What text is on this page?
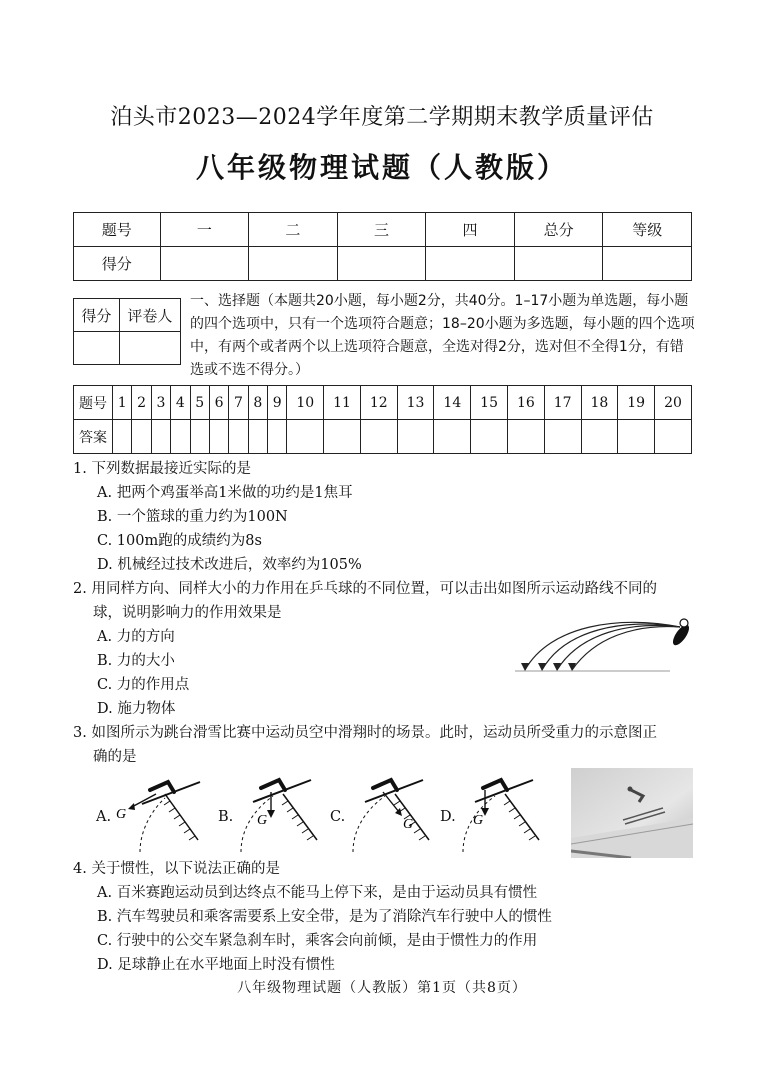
泊头市2023—2024学年度第二学期期末教学质量评估
八年级物理试题（人教版）
题号	一	二	三	四	总分	等级
得分						
得分	评卷人

一、选择题（本题共20小题，每小题2分，共40分。1–17小题为单选题，每小题的四个选项中，只有一个选项符合题意；18–20小题为多选题，每小题的四个选项中，有两个或者两个以上选项符合题意，全选对得2分，选对但不全得1分，有错选或不选不得分。）
题号	1	2	3	4	5	6	7	8	9	10	11	12	13	14	15	16	17	18	19	20
答案																				
1. 下列数据最接近实际的是
A. 把两个鸡蛋举高1米做的功约是1焦耳
B. 一个篮球的重力约为100N
C. 100m跑的成绩约为8s
D. 机械经过技术改进后，效率约为105%
2. 用同样方向、同样大小的力作用在乒乓球的不同位置，可以击出如图所示运动路线不同的
球，说明影响力的作用效果是
A. 力的方向
B. 力的大小
C. 力的作用点
D. 施力物体
3. 如图所示为跳台滑雪比赛中运动员空中滑翔时的场景。此时，运动员所受重力的示意图正
确的是
A. G	B. G	C.	G D. G
4. 关于惯性，以下说法正确的是
A. 百米赛跑运动员到达终点不能马上停下来，是由于运动员具有惯性
B. 汽车驾驶员和乘客需要系上安全带，是为了消除汽车行驶中人的惯性
C. 行驶中的公交车紧急刹车时，乘客会向前倾，是由于惯性力的作用
D. 足球静止在水平地面上时没有惯性
八年级物理试题（人教版）第1页（共8页）
